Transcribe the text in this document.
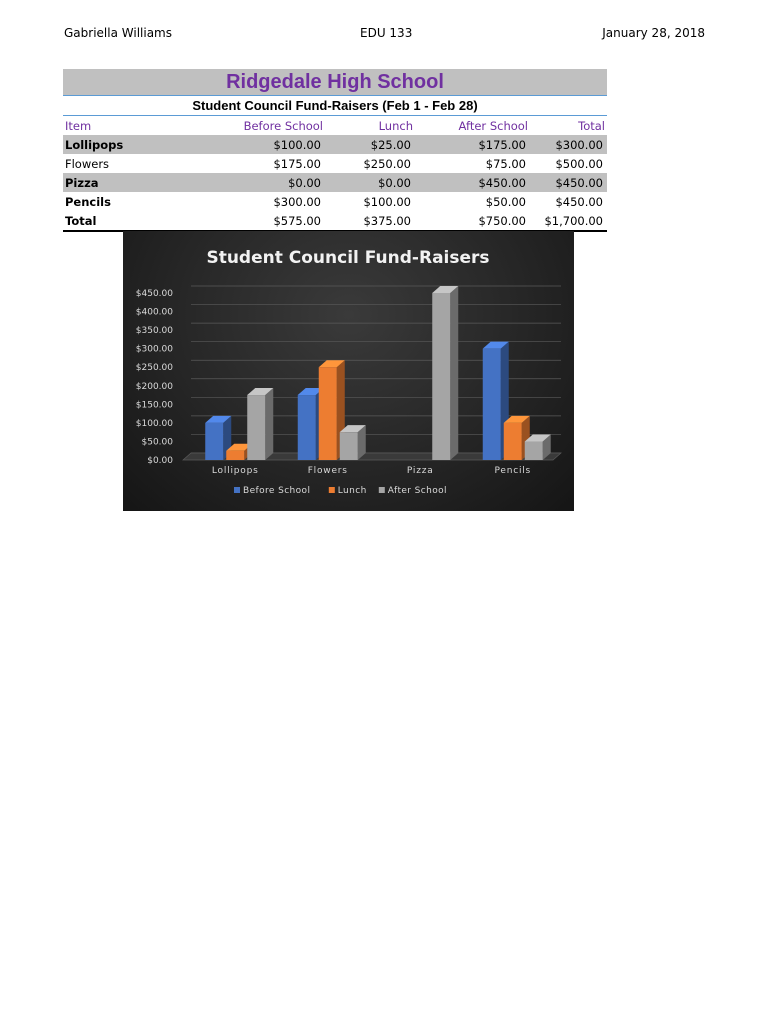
Gabriella Williams	EDU 133	January 28, 2018
Ridgedale High School
Student Council Fund-Raisers (Feb 1 - Feb 28)
Item	Before School	Lunch	After School	Total
Lollipops	$100.00	$25.00	$175.00	$300.00
Flowers	$175.00	$250.00	$75.00	$500.00
Pizza	$0.00	$0.00	$450.00	$450.00
Pencils	$300.00	$100.00	$50.00	$450.00
Total	$575.00	$375.00	$750.00	$1,700.00
Student Council Fund-Raisers
$0.00
$50.00
$100.00
$150.00
$200.00
$250.00
$300.00
$350.00
$400.00
$450.00
Lollipops	Flowers	Pizza	Pencils
Before School	Lunch After School
